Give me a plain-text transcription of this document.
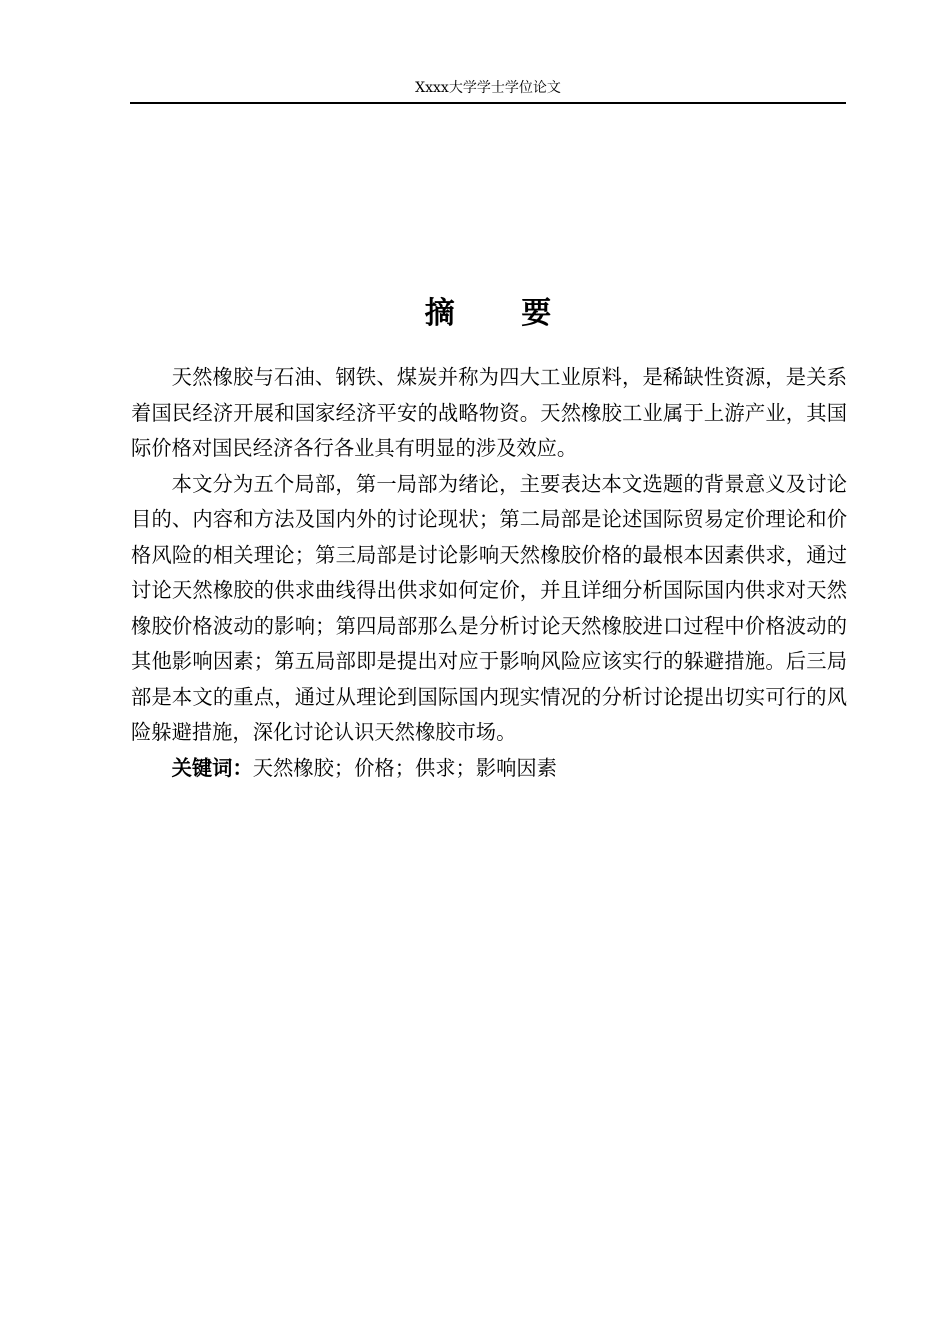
Xxxx大学学士学位论文
摘 要

天然橡胶与石油、钢铁、煤炭并称为四大工业原料，是稀缺性资源，是关系着国民经济开展和国家经济平安的战略物资。天然橡胶工业属于上游产业，其国际价格对国民经济各行各业具有明显的涉及效应。

本文分为五个局部，第一局部为绪论，主要表达本文选题的背景意义及讨论目的、内容和方法及国内外的讨论现状；第二局部是论述国际贸易定价理论和价格风险的相关理论；第三局部是讨论影响天然橡胶价格的最根本因素供求，通过讨论天然橡胶的供求曲线得出供求如何定价，并且详细分析国际国内供求对天然橡胶价格波动的影响；第四局部那么是分析讨论天然橡胶进口过程中价格波动的其他影响因素；第五局部即是提出对应于影响风险应该实行的躲避措施。后三局部是本文的重点，通过从理论到国际国内现实情况的分析讨论提出切实可行的风险躲避措施，深化讨论认识天然橡胶市场。

关键词：天然橡胶；价格；供求；影响因素
